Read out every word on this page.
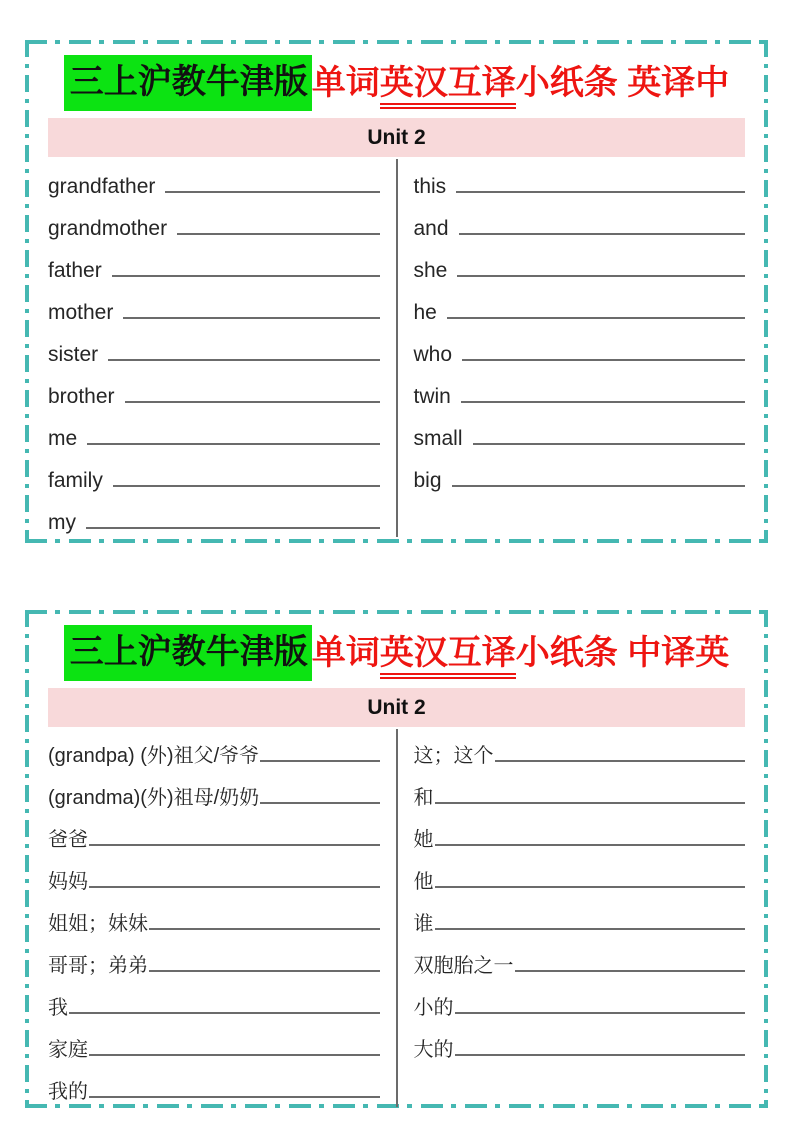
三上沪教牛津版 单词英汉互译小纸条 英译中
Unit 2
grandfather
grandmother
father
mother
sister
brother
me
family
my
this
and
she
he
who
twin
small
big
三上沪教牛津版 单词英汉互译小纸条 中译英
Unit 2
(grandpa) (外)祖父/爷爷
(grandma)(外)祖母/奶奶
爸爸
妈妈
姐姐；妹妹
哥哥；弟弟
我
家庭
我的
这；这个
和
她
他
谁
双胞胎之一
小的
大的
